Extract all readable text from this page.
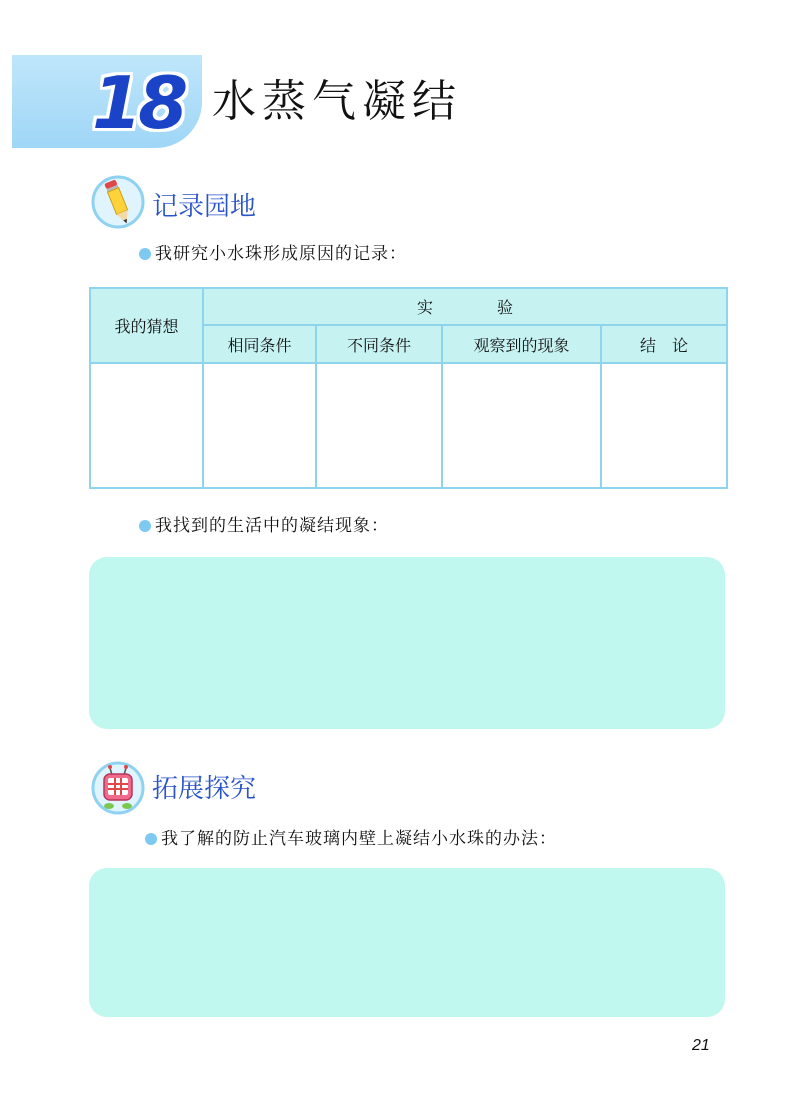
18 水蒸气凝结
记录园地
我研究小水珠形成原因的记录：
我的猜想	实　　　　验			
	相同条件	不同条件	观察到的现象	结　论

我找到的生活中的凝结现象：
拓展探究
我了解的防止汽车玻璃内壁上凝结小水珠的办法：
21
